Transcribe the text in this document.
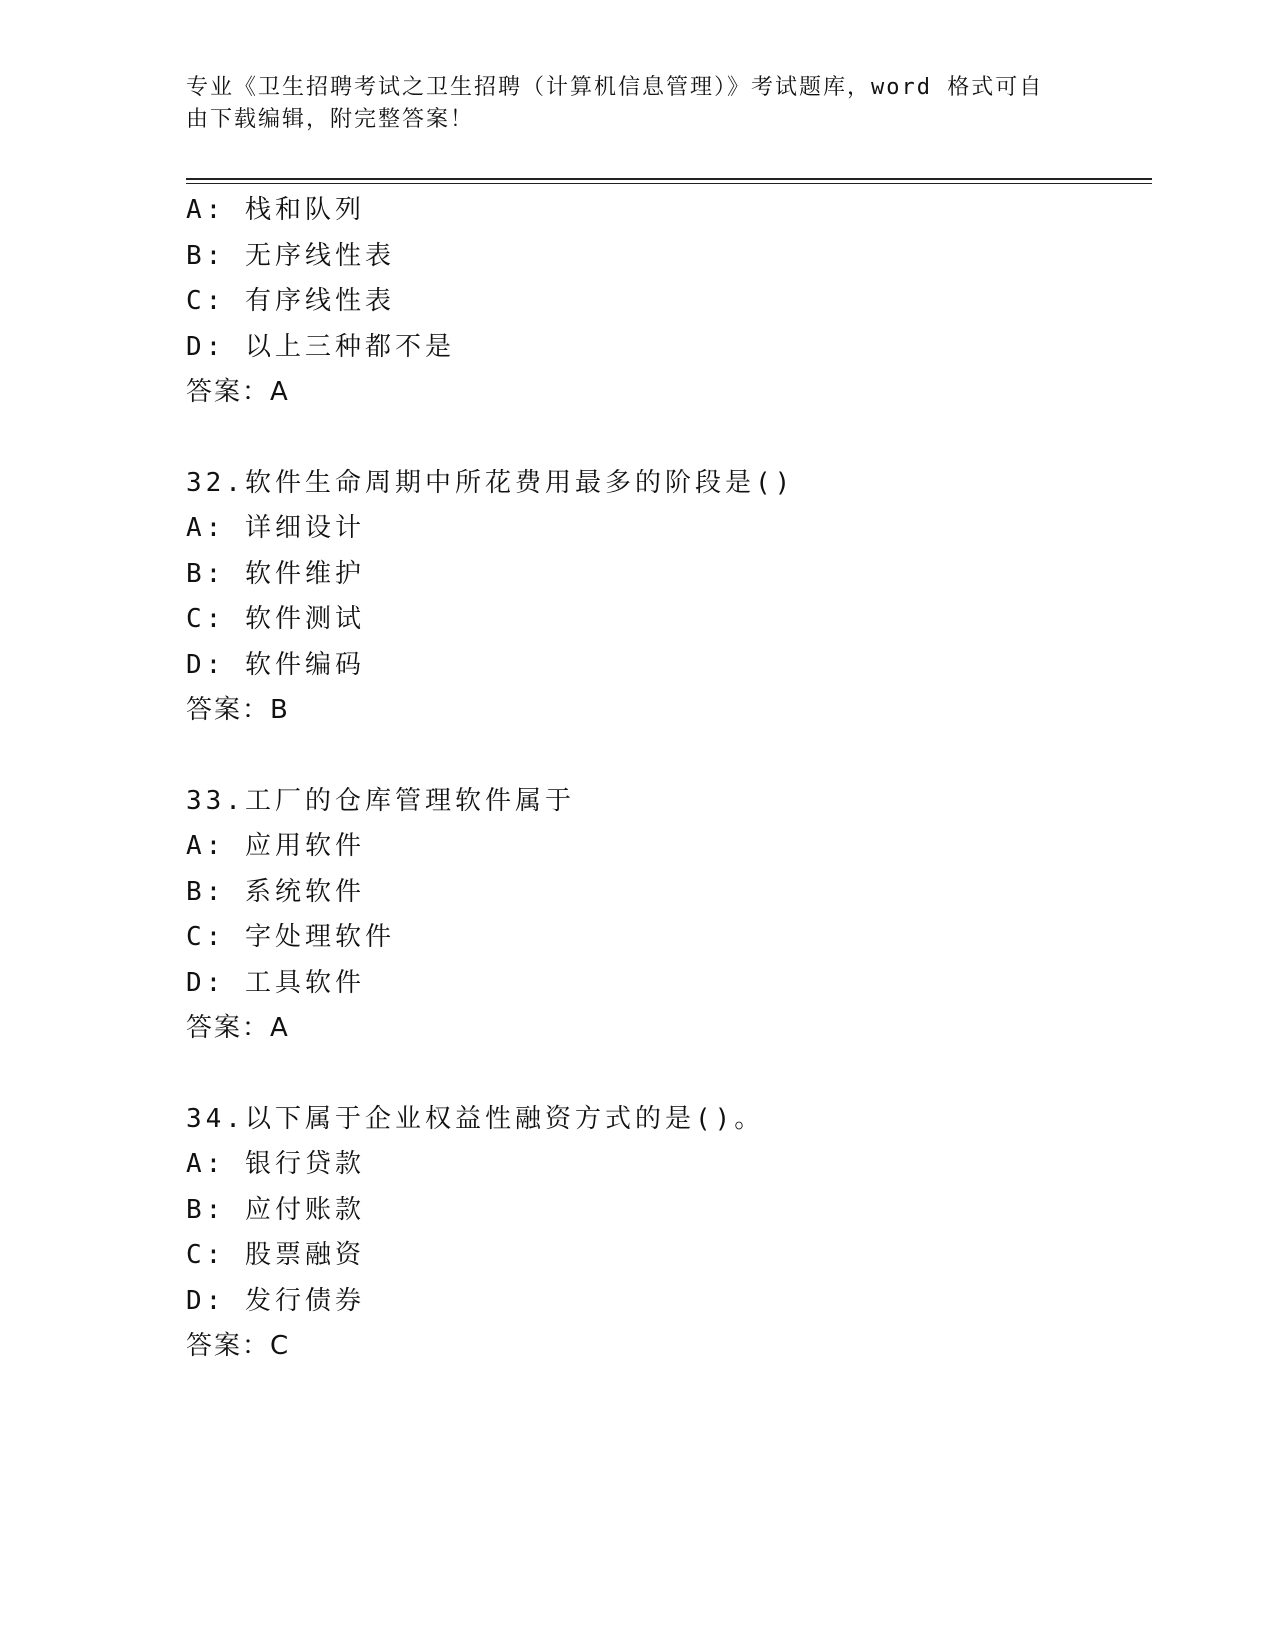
专业《卫生招聘考试之卫生招聘（计算机信息管理）》考试题库，word 格式可自
由下载编辑，附完整答案！
A: 栈和队列
B: 无序线性表
C: 有序线性表
D: 以上三种都不是
答案：A
32.软件生命周期中所花费用最多的阶段是()
A: 详细设计
B: 软件维护
C: 软件测试
D: 软件编码
答案：B
33.工厂的仓库管理软件属于
A: 应用软件
B: 系统软件
C: 字处理软件
D: 工具软件
答案：A
34.以下属于企业权益性融资方式的是()。
A: 银行贷款
B: 应付账款
C: 股票融资
D: 发行债券
答案：C
